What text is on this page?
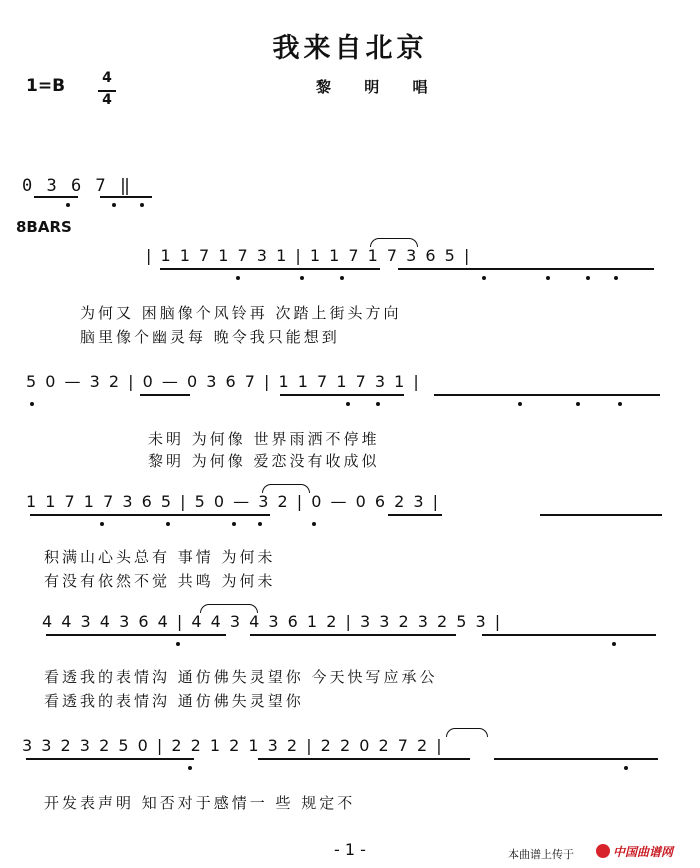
我来自北京
1=B	4
4
黎 明 唱
0 3 6 7 ‖
8BARS
| 1 1 7 1 7 3 1 | 1 1 7 1 7 3 6 5 |
为何又 困脑像个风铃再 次踏上街头方向
脑里像个幽灵每 晚令我只能想到
5 0 — 3 2 | 0 — 0 3 6 7 | 1 1 7 1 7 3 1 |
未明 为何像 世界雨洒不停堆
黎明 为何像 爱恋没有收成似
1 1 7 1 7 3 6 5 | 5 0 — 3 2 | 0 — 0 6 2 3 |
积满山心头总有 事情 为何未
有没有依然不觉 共鸣 为何未
4 4 3 4 3 6 4 | 4 4 3 4 3 6 1 2 | 3 3 2 3 2 5 3 |
看透我的表情沟 通仿佛失灵望你 今天快写应承公
看透我的表情沟 通仿佛失灵望你
3 3 2 3 2 5 0 | 2 2 1 2 1 3 2 | 2 2 0 2 7 2 |
开发表声明 知否对于感情一 些 规定不
- 1 -	本曲谱上传于	中国曲谱网
